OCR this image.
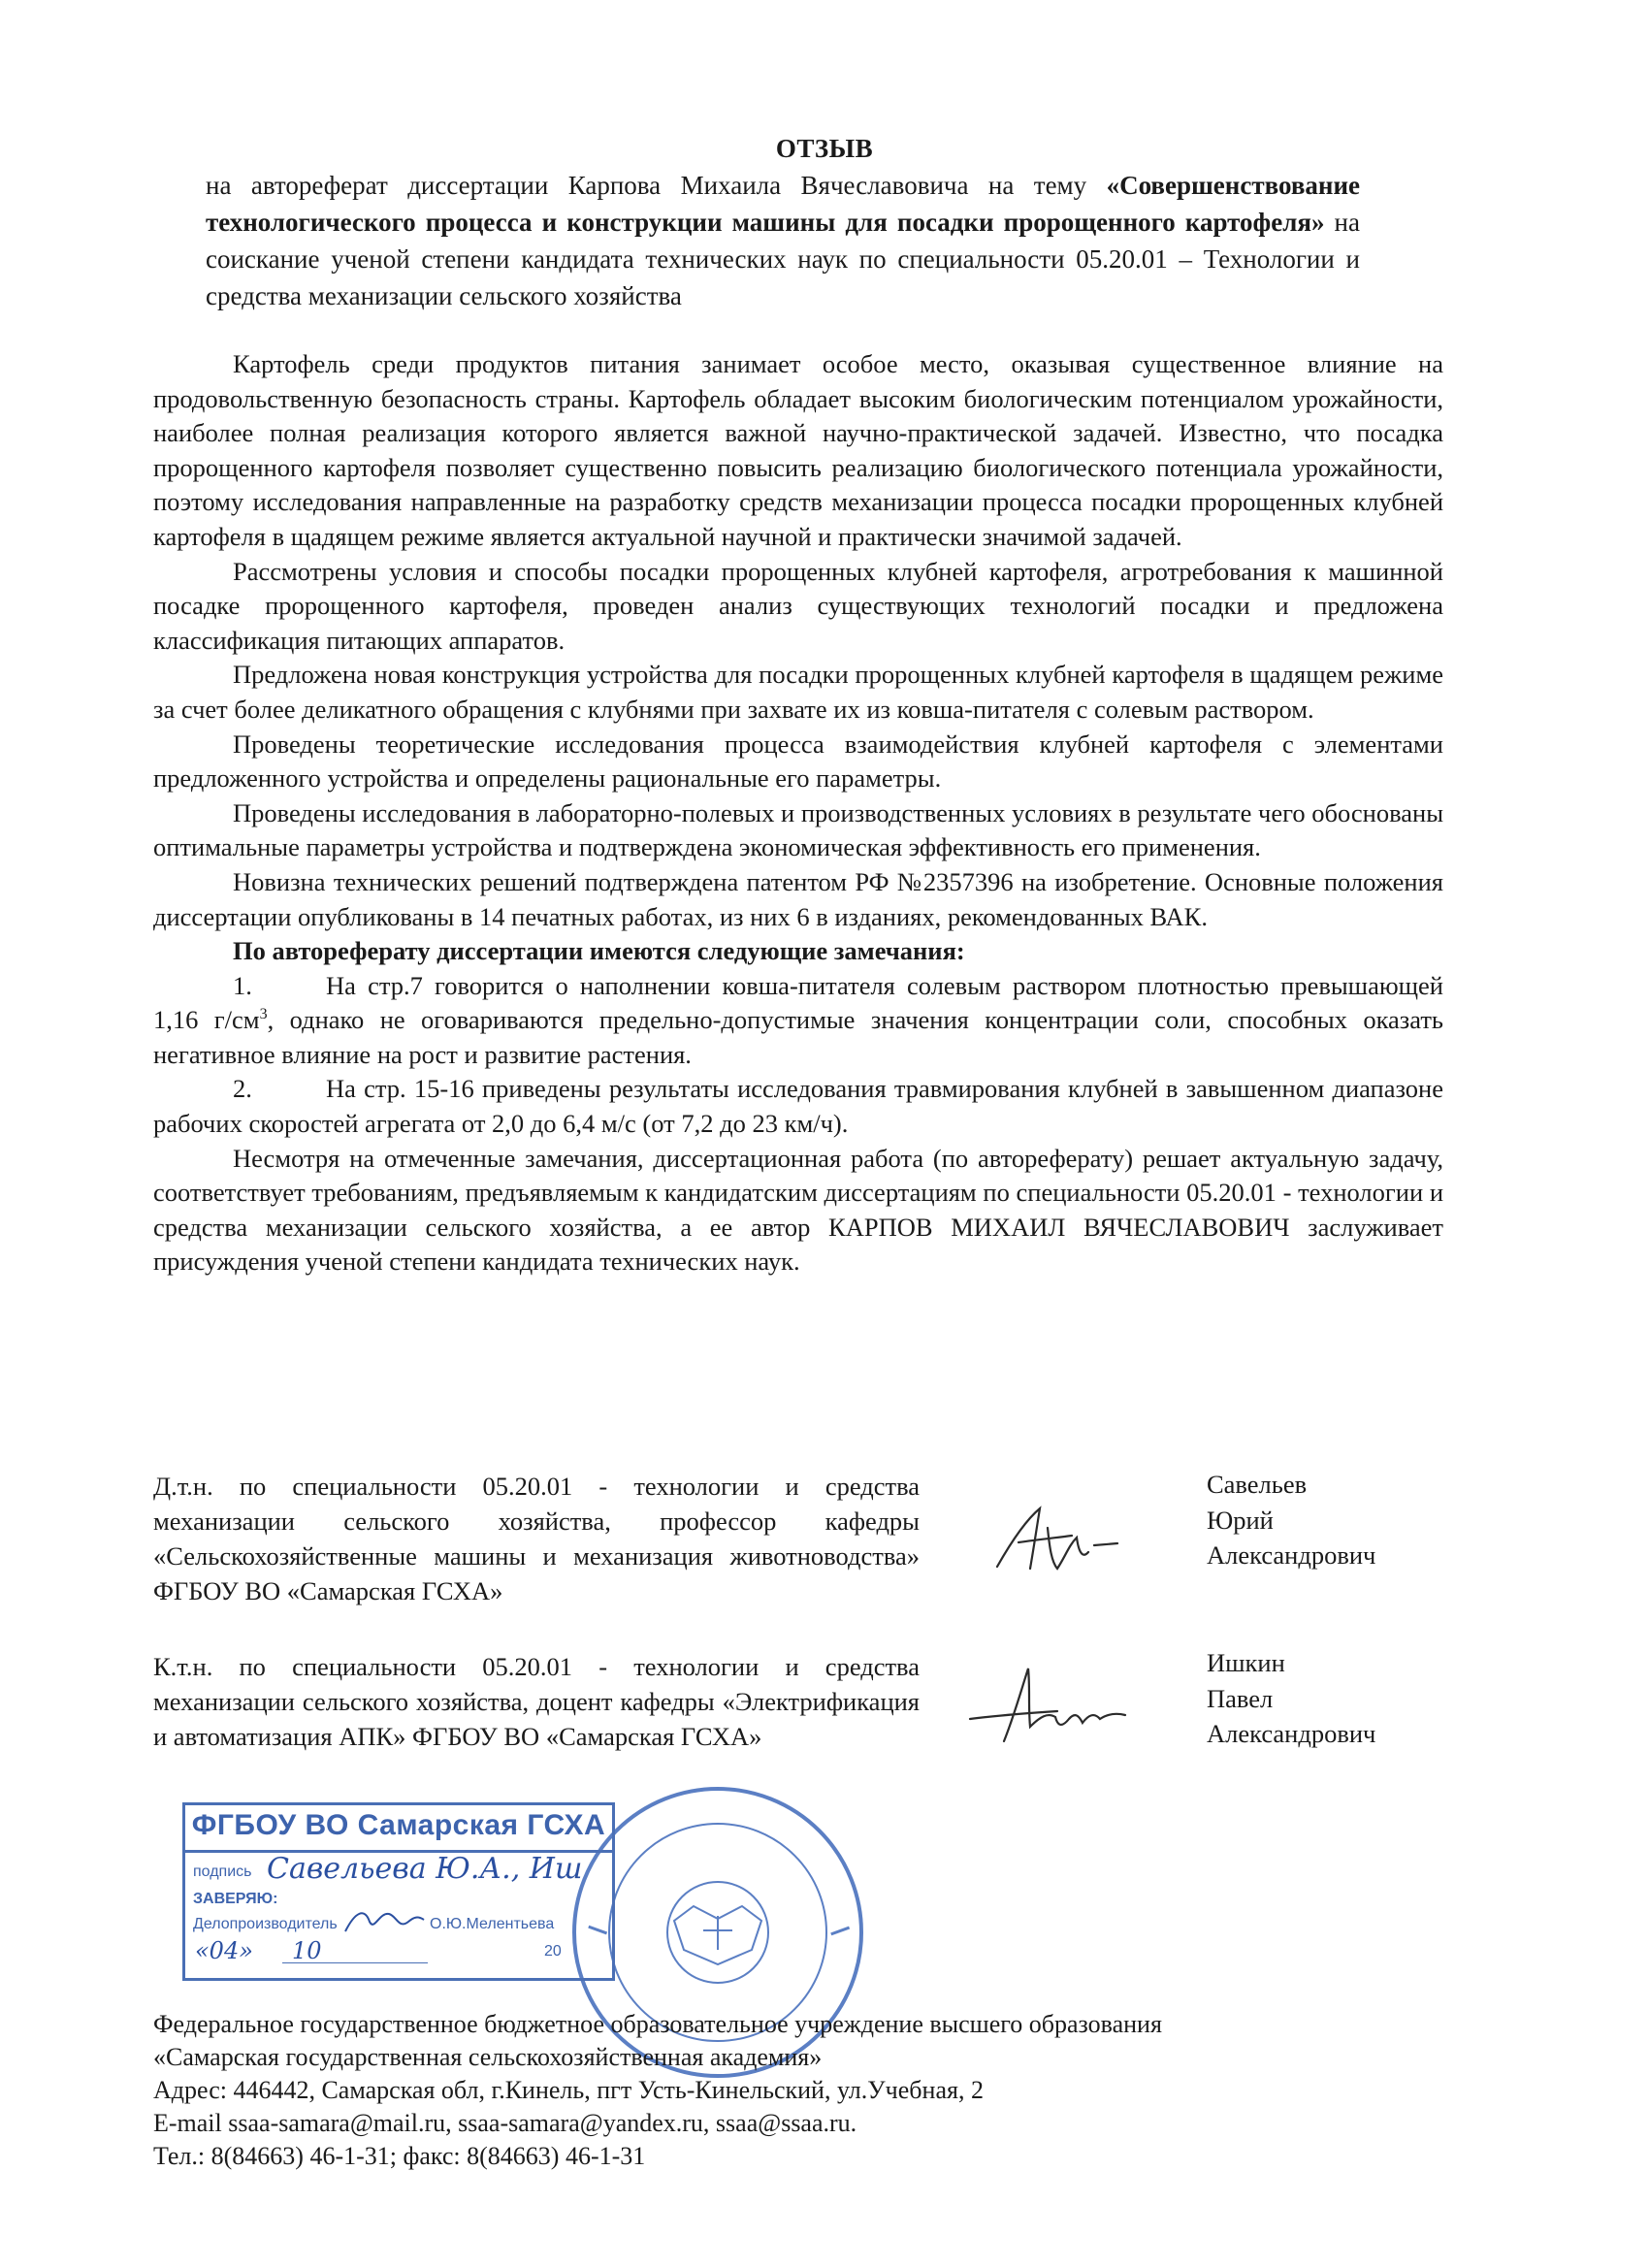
ОТЗЫВ
на автореферат диссертации Карпова Михаила Вячеславовича на тему «Совершенствование технологического процесса и конструкции машины для посадки пророщенного картофеля» на соискание ученой степени кандидата технических наук по специальности 05.20.01 – Технологии и средства механизации сельского хозяйства

Картофель среди продуктов питания занимает особое место, оказывая существенное влияние на продовольственную безопасность страны. Картофель обладает высоким биологическим потенциалом урожайности, наиболее полная реализация которого является важной научно-практической задачей. Известно, что посадка пророщенного картофеля позволяет существенно повысить реализацию биологического потенциала урожайности, поэтому исследования направленные на разработку средств механизации процесса посадки пророщенных клубней картофеля в щадящем режиме является актуальной научной и практически значимой задачей.

Рассмотрены условия и способы посадки пророщенных клубней картофеля, агротребования к машинной посадке пророщенного картофеля, проведен анализ существующих технологий посадки и предложена классификация питающих аппаратов.

Предложена новая конструкция устройства для посадки пророщенных клубней картофеля в щадящем режиме за счет более деликатного обращения с клубнями при захвате их из ковша-питателя с солевым раствором.

Проведены теоретические исследования процесса взаимодействия клубней картофеля с элементами предложенного устройства и определены рациональные его параметры.

Проведены исследования в лабораторно-полевых и производственных условиях в результате чего обоснованы оптимальные параметры устройства и подтверждена экономическая эффективность его применения.

Новизна технических решений подтверждена патентом РФ №2357396 на изобретение. Основные положения диссертации опубликованы в 14 печатных работах, из них 6 в изданиях, рекомендованных ВАК.

По автореферату диссертации имеются следующие замечания:

1.	На стр.7 говорится о наполнении ковша-питателя солевым раствором плотностью превышающей 1,16 $г/см^3$, однако не оговариваются предельно-допустимые значения концентрации соли, способных оказать негативное влияние на рост и развитие растения.

2.	На стр. 15-16 приведены результаты исследования травмирования клубней в завышенном диапазоне рабочих скоростей агрегата от 2,0 до 6,4 м/с (от 7,2 до 23 км/ч).

Несмотря на отмеченные замечания, диссертационная работа (по автореферату) решает актуальную задачу, соответствует требованиям, предъявляемым к кандидатским диссертациям по специальности 05.20.01 - технологии и средства механизации сельского хозяйства, а ее автор КАРПОВ МИХАИЛ ВЯЧЕСЛАВОВИЧ заслуживает присуждения ученой степени кандидата технических наук.

Д.т.н. по специальности 05.20.01 - технологии и средства механизации сельского хозяйства, профессор кафедры «Сельскохозяйственные машины и механизация животноводства» ФГБОУ ВО «Самарская ГСХА»
Савельев
Юрий
Александрович
К.т.н. по специальности 05.20.01 - технологии и средства механизации сельского хозяйства, доцент кафедры «Электрификация и автоматизация АПК» ФГБОУ ВО «Самарская ГСХА»
Ишкин
Павел
Александрович
ФГБОУ ВО Самарская ГСХА
подпись Савельева Ю.А., Иш
ЗАВЕРЯЮ:
Делопроизводитель	О.Ю.Мелентьева
«04» 10	20
Федеральное государственное бюджетное образовательное учреждение высшего образования
«Самарская государственная сельскохозяйственная академия»
Адрес: 446442, Самарская обл, г.Кинель, пгт Усть-Кинельский, ул.Учебная, 2
E-mail ssaa-samara@mail.ru, ssaa-samara@yandex.ru, ssaa@ssaa.ru.
Тел.: 8(84663) 46-1-31; факс: 8(84663) 46-1-31
